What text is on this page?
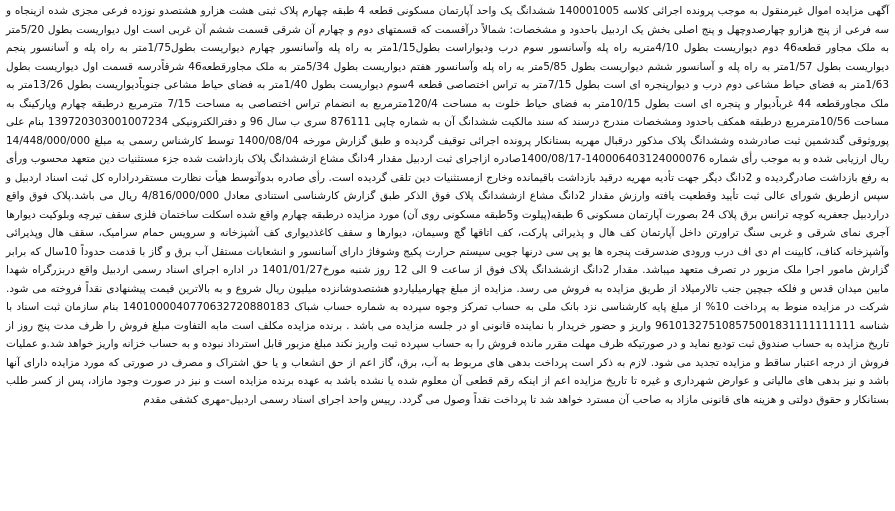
آگهی مزایده اموال غیرمنقول به موجب پرونده اجرائی کلاسه 140001005 ششدانگ یک واحد آپارتمان مسکونی قطعه 4 طبقه چهارم پلاک ثبتی هشت هزارو هشتصدو نوزده فرعی مجزی شده ازینجاه و سه فرعی از پنج هزارو چهارصدوچهل و پنج اصلی بخش یک اردبیل باحدود و مشخصات: شمالاً درآقسمت که قسمتهای دوم و چهارم آن شرقی قسمت ششم آن غربی است اول دیواریست بطول 5/20متر به ملک مجاور قطعه46 دوم دیواریست بطول 4/10متربه راه پله وآسانسور سوم درب ودیواراست بطول1/15متر به راه پله وآسانسور چهارم دیواریست بطول1/75متر به راه پله و آسانسور پنجم دیواریست بطول 1/57متر به راه پله و آسانسور ششم دیواریست بطول 5/85متر به راه پله وآسانسور هفتم دیواریست بطول 5/34متر به ملک مجاورقطعه46 شرقاًدرسه قسمت اول دیواریست بطول 1/63متر به فضای حیاط مشاعی دوم درب و دیوارپنجره ای است بطول 7/15متر به تراس اختصاصی قطعه 4سوم دیواریست بطول 1/40متر به فضای حیاط مشاعی جنوباًدیواریست بطول 13/26متر به ملک مجاورقطعه 44 غرباًدیوار و پنجره ای است بطول 10/15متر به فضای حیاط خلوت به مساحت 120/4مترمربع به انضمام تراس اختصاصی به مساحت 7/15 مترمربع درطبقه چهارم وپارکینگ به مساحت 10/56مترمربع درطبقه همکف باحدود ومشخصات مندرج درسند که سند مالکیت ششدانگ آن به شماره چاپی 876111 سری ب سال 96 و دفترالکترونیکی 139720303001007234 بنام علی پوروثوقی گندشمین ثبت صادرشده وششدانگ پلاک مذکور درقبال مهریه بستانکار پرونده اجرائی توقیف گردیده و طبق گزارش مورخه 1400/08/04 توسط کارشناس رسمی به مبلغ 14/448/000/000 ریال ارزیابی شده و به موجب رأی شماره 140006403124000076-1400/08/17صادره ازاجرای ثبت اردبیل مقدار 4دانگ مشاع ازششدانگ پلاک بازداشت شده جزء مستثنیات دین متعهد محسوب ورأی به رفع بازداشت صادرگردیده و 2دانگ دیگر جهت تأدیه مهریه درقید بازداشت باقیمانده وخارج ازمستثنیات دین تلقی گردیده است. رأی صادره بدوآتوسط هیأت نظارت مستقردراداره کل ثبت اسناد اردبیل و سپس ازطریق شورای عالی ثبت تأیید وقطعیت یافته وارزش مقدار 2دانگ مشاع ازششدانگ پلاک فوق الذکر طبق گزارش کارشناسی استنادی معادل 4/816/000/000 ریال می باشد.پلاک فوق واقع دراردبیل جعفریه کوچه ترانس برق پلاک 24 بصورت آپارتمان مسکونی 6 طبقه(پیلوت و5طبقه مسکونی روی آن) مورد مزایده درطبقه چهارم واقع شده اسکلت ساختمان فلزی سقف تیرچه وبلوکیت دیوارها آجری نمای شرقی و غربی سنگ تراورتن داخل آپارتمان کف هال و پذیرائی پارکت، کف اتاقها گچ وسیمان، دیوارها و سقف کاغذدیواری کف آشپزخانه و سرویس حمام سرامیک، سقف هال وپذیرائی وآشپزخانه کناف، کابینت ام دی اف درب ورودی ضدسرقت پنجره ها یو پی سی درنها جویی سیستم حرارت پکیج وشوفاژ دارای آسانسور و انشعابات مستقل آب برق و گاز با قدمت حدوداً 10سال که برابر گزارش مامور اجرا ملک مزبور در تصرف متعهد میباشد. مقدار 2دانگ ازششدانگ پلاک فوق از ساعت 9 الی 12 روز شنبه مورخ1401/01/27 در اداره اجرای اسناد رسمی اردبیل واقع دربزرگراه شهدا مابین میدان قدس و فلکه جبچین جنب تالارمیلاد از طریق مزایده به فروش می رسد. مزایده از مبلغ چهارمیلیاردو هشتصدوشانزده میلیون ریال شروع و به بالاترین قیمت پیشنهادی نقداً فروخته می شود. شرکت در مزایده منوط به پرداخت 10% از مبلغ پایه کارشناسی نزد بانک ملی به حساب تمرکز وجوه سپرده به شماره حساب شباک 1401000040770632720880183 بنام سازمان ثبت اسناد با شناسه 961013275108575001831111111111 واریز و حضور خریدار با نماینده قانونی او در جلسه مزایده می باشد . برنده مزایده مکلف است مابه التفاوت مبلغ فروش را ظرف مدت پنج روز از تاریخ مزایده به حساب صندوق ثبت تودیع نماید و در صورتیکه ظرف مهلت مقرر مانده فروش را به حساب سپرده ثبت واریز نکند مبلغ مزبور قابل استرداد نبوده و به حساب خزانه واریز خواهد شد.و عملیات فروش از درجه اعتبار ساقط و مزایده تجدید می شود. لازم به ذکر است پرداخت بدهی های مربوط به آب، برق، گاز اعم از حق انشعاب و یا حق اشتراک و مصرف در صورتی که مورد مزایده دارای آنها باشد و نیز بدهی های مالیاتی و عوارض شهرداری و غیره تا تاریخ مزایده اعم از اینکه رقم قطعی آن معلوم شده یا نشده باشد به عهده برنده مزایده است و نیز در صورت وجود مازاد، پس از کسر طلب بستانکار و حقوق دولتی و هزینه های قانونی مازاد به صاحب آن مسترد خواهد شد تا پرداخت نقداً وصول می گردد. رییس واحد اجرای اسناد رسمی اردبیل-مهری کشفی مقدم
